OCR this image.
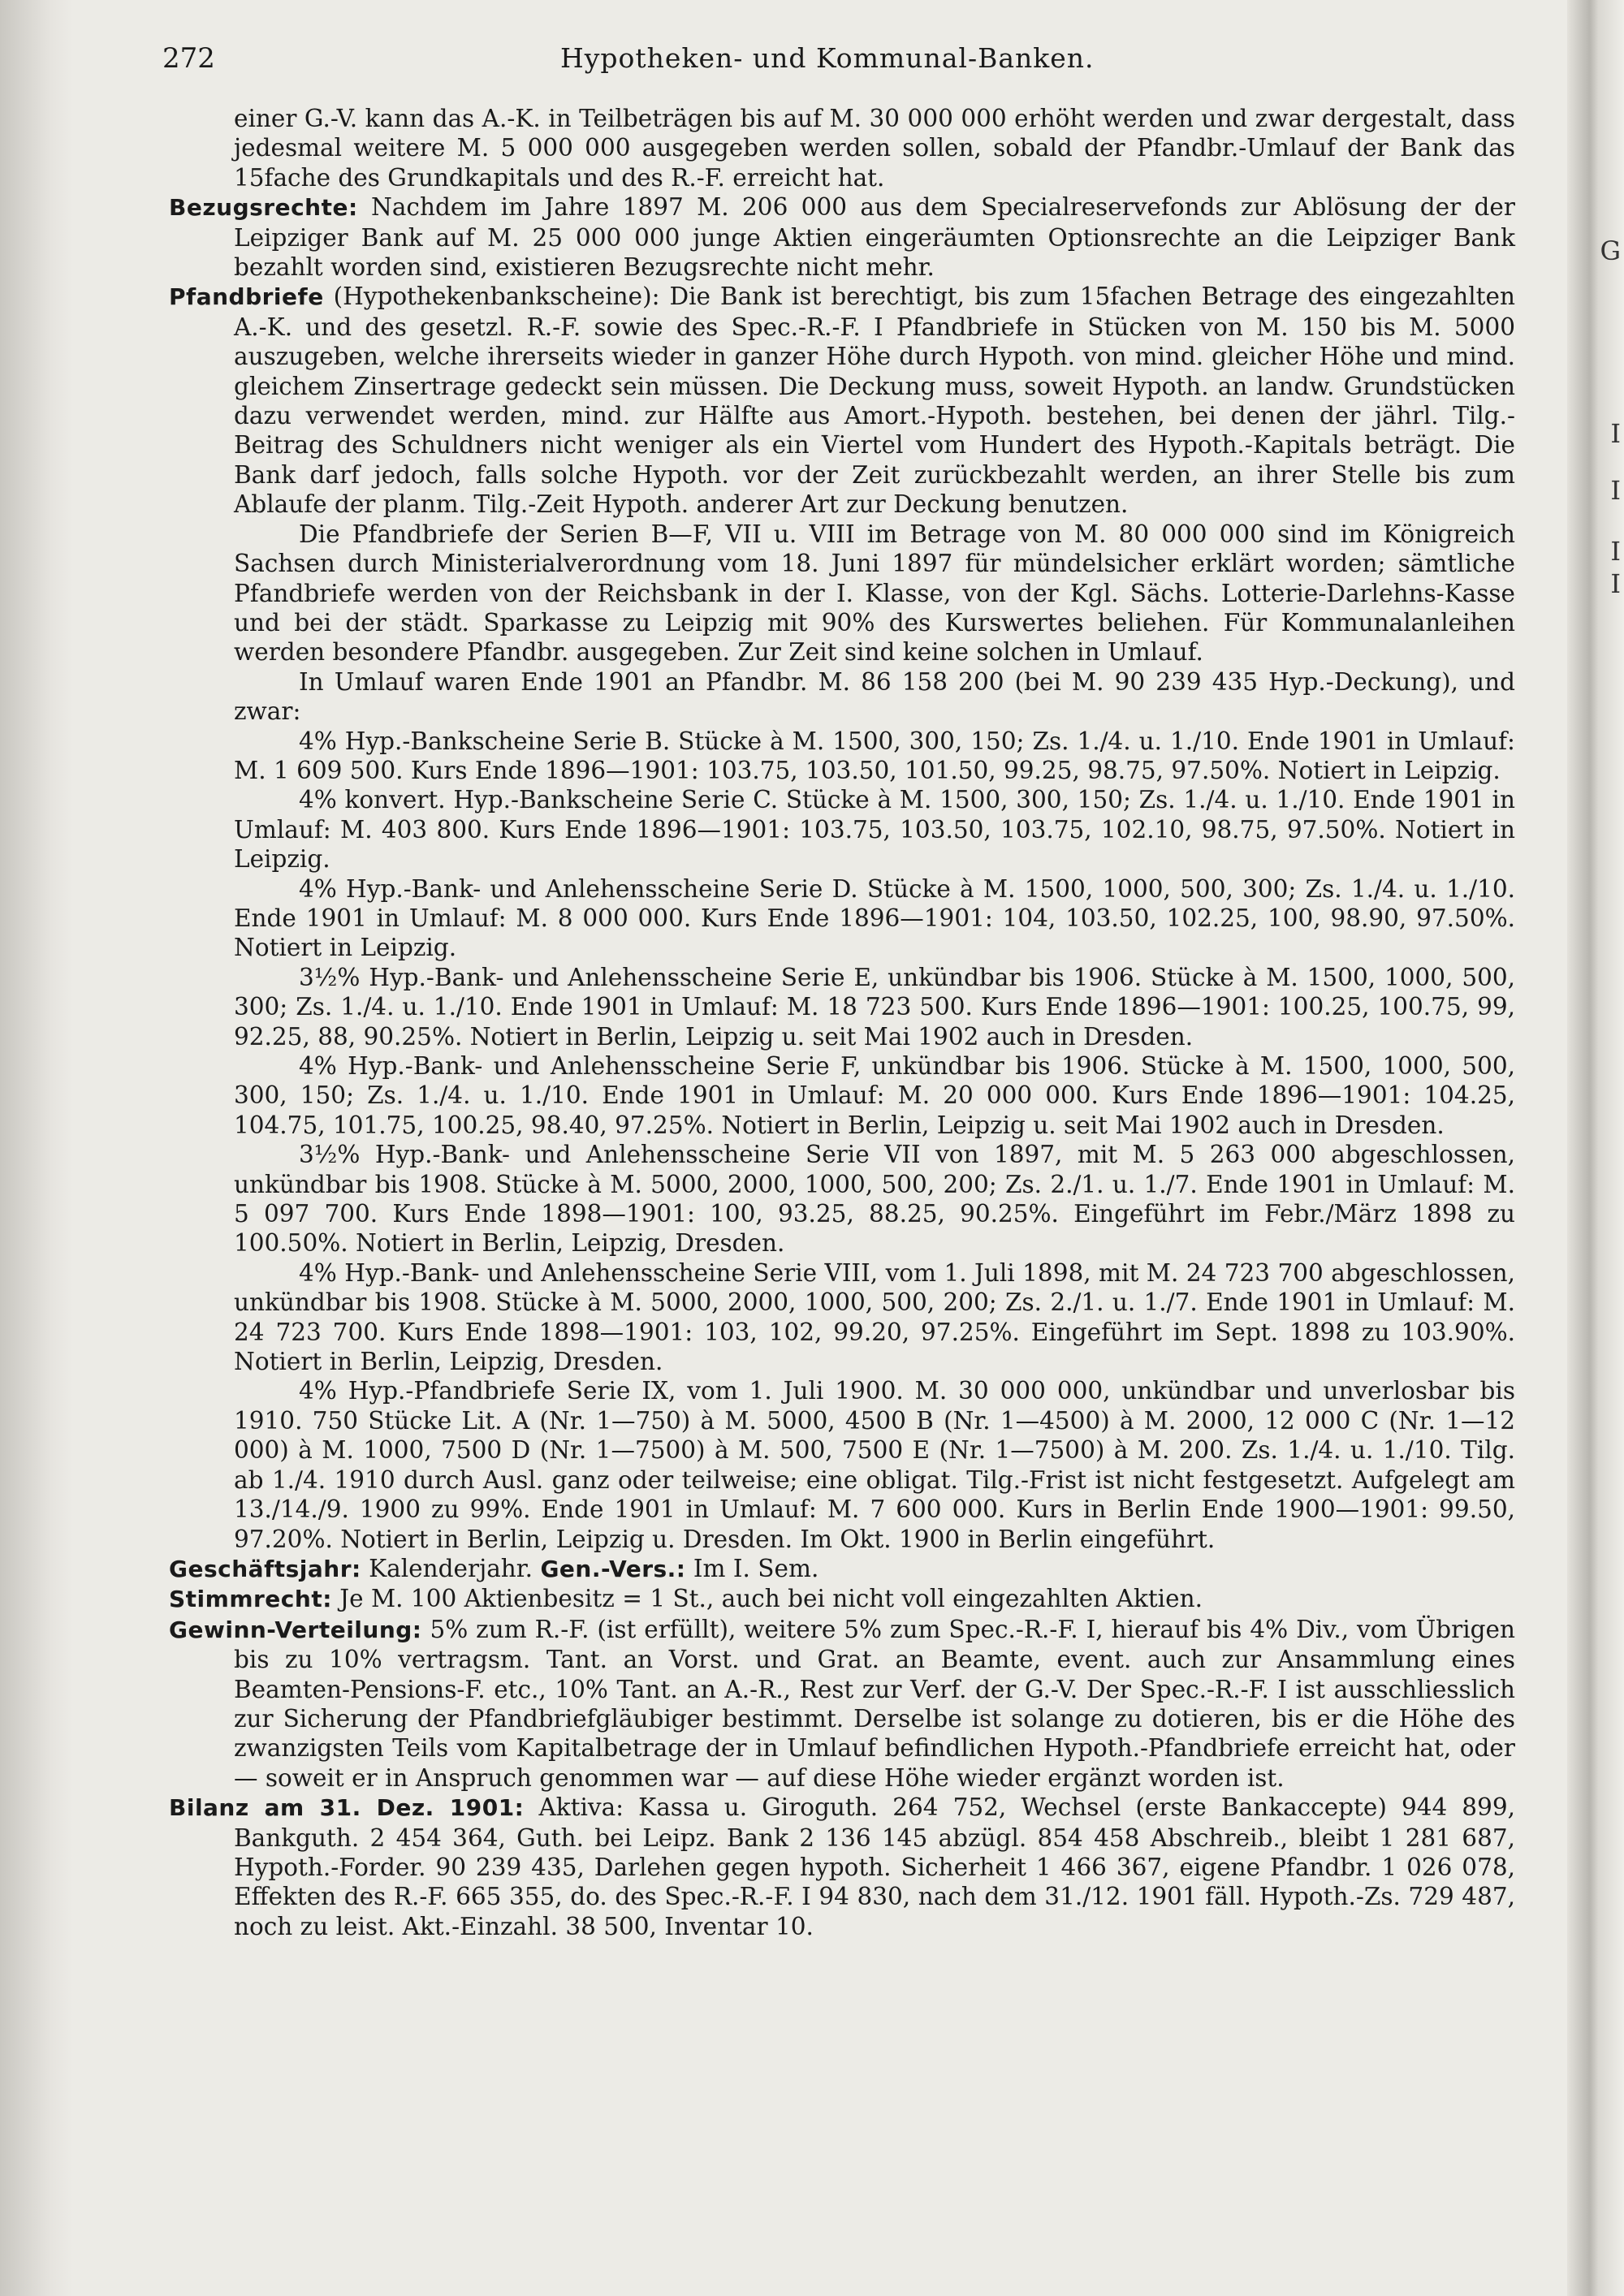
G
I
I
I
I
272	Hypotheken- und Kommunal-Banken.

einer G.-V. kann das A.-K. in Teilbeträgen bis auf M. 30 000 000 erhöht werden und zwar dergestalt, dass jedesmal weitere M. 5 000 000 ausgegeben werden sollen, sobald der Pfandbr.-Umlauf der Bank das 15fache des Grundkapitals und des R.-F. erreicht hat.

Bezugsrechte: Nachdem im Jahre 1897 M. 206 000 aus dem Specialreservefonds zur Ablösung der der Leipziger Bank auf M. 25 000 000 junge Aktien eingeräumten Optionsrechte an die Leipziger Bank bezahlt worden sind, existieren Bezugsrechte nicht mehr.

Pfandbriefe (Hypothekenbankscheine): Die Bank ist berechtigt, bis zum 15fachen Betrage des eingezahlten A.-K. und des gesetzl. R.-F. sowie des Spec.-R.-F. I Pfandbriefe in Stücken von M. 150 bis M. 5000 auszugeben, welche ihrerseits wieder in ganzer Höhe durch Hypoth. von mind. gleicher Höhe und mind. gleichem Zinsertrage gedeckt sein müssen. Die Deckung muss, soweit Hypoth. an landw. Grundstücken dazu verwendet werden, mind. zur Hälfte aus Amort.-Hypoth. bestehen, bei denen der jährl. Tilg.-Beitrag des Schuldners nicht weniger als ein Viertel vom Hundert des Hypoth.-Kapitals beträgt. Die Bank darf jedoch, falls solche Hypoth. vor der Zeit zurückbezahlt werden, an ihrer Stelle bis zum Ablaufe der planm. Tilg.-Zeit Hypoth. anderer Art zur Deckung benutzen.

Die Pfandbriefe der Serien B—F, VII u. VIII im Betrage von M. 80 000 000 sind im Königreich Sachsen durch Ministerialverordnung vom 18. Juni 1897 für mündelsicher erklärt worden; sämtliche Pfandbriefe werden von der Reichsbank in der I. Klasse, von der Kgl. Sächs. Lotterie-Darlehns-Kasse und bei der städt. Sparkasse zu Leipzig mit 90% des Kurswertes beliehen. Für Kommunalanleihen werden besondere Pfandbr. ausgegeben. Zur Zeit sind keine solchen in Umlauf.

In Umlauf waren Ende 1901 an Pfandbr. M. 86 158 200 (bei M. 90 239 435 Hyp.-Deckung), und zwar:

4% Hyp.-Bankscheine Serie B. Stücke à M. 1500, 300, 150; Zs. 1./4. u. 1./10. Ende 1901 in Umlauf: M. 1 609 500. Kurs Ende 1896—1901: 103.75, 103.50, 101.50, 99.25, 98.75, 97.50%. Notiert in Leipzig.

4% konvert. Hyp.-Bankscheine Serie C. Stücke à M. 1500, 300, 150; Zs. 1./4. u. 1./10. Ende 1901 in Umlauf: M. 403 800. Kurs Ende 1896—1901: 103.75, 103.50, 103.75, 102.10, 98.75, 97.50%. Notiert in Leipzig.

4% Hyp.-Bank- und Anlehensscheine Serie D. Stücke à M. 1500, 1000, 500, 300; Zs. 1./4. u. 1./10. Ende 1901 in Umlauf: M. 8 000 000. Kurs Ende 1896—1901: 104, 103.50, 102.25, 100, 98.90, 97.50%. Notiert in Leipzig.

3½% Hyp.-Bank- und Anlehensscheine Serie E, unkündbar bis 1906. Stücke à M. 1500, 1000, 500, 300; Zs. 1./4. u. 1./10. Ende 1901 in Umlauf: M. 18 723 500. Kurs Ende 1896—1901: 100.25, 100.75, 99, 92.25, 88, 90.25%. Notiert in Berlin, Leipzig u. seit Mai 1902 auch in Dresden.

4% Hyp.-Bank- und Anlehensscheine Serie F, unkündbar bis 1906. Stücke à M. 1500, 1000, 500, 300, 150; Zs. 1./4. u. 1./10. Ende 1901 in Umlauf: M. 20 000 000. Kurs Ende 1896—1901: 104.25, 104.75, 101.75, 100.25, 98.40, 97.25%. Notiert in Berlin, Leipzig u. seit Mai 1902 auch in Dresden.

3½% Hyp.-Bank- und Anlehensscheine Serie VII von 1897, mit M. 5 263 000 abgeschlossen, unkündbar bis 1908. Stücke à M. 5000, 2000, 1000, 500, 200; Zs. 2./1. u. 1./7. Ende 1901 in Umlauf: M. 5 097 700. Kurs Ende 1898—1901: 100, 93.25, 88.25, 90.25%. Eingeführt im Febr./März 1898 zu 100.50%. Notiert in Berlin, Leipzig, Dresden.

4% Hyp.-Bank- und Anlehensscheine Serie VIII, vom 1. Juli 1898, mit M. 24 723 700 abgeschlossen, unkündbar bis 1908. Stücke à M. 5000, 2000, 1000, 500, 200; Zs. 2./1. u. 1./7. Ende 1901 in Umlauf: M. 24 723 700. Kurs Ende 1898—1901: 103, 102, 99.20, 97.25%. Eingeführt im Sept. 1898 zu 103.90%. Notiert in Berlin, Leipzig, Dresden.

4% Hyp.-Pfandbriefe Serie IX, vom 1. Juli 1900. M. 30 000 000, unkündbar und unverlosbar bis 1910. 750 Stücke Lit. A (Nr. 1—750) à M. 5000, 4500 B (Nr. 1—4500) à M. 2000, 12 000 C (Nr. 1—12 000) à M. 1000, 7500 D (Nr. 1—7500) à M. 500, 7500 E (Nr. 1—7500) à M. 200. Zs. 1./4. u. 1./10. Tilg. ab 1./4. 1910 durch Ausl. ganz oder teilweise; eine obligat. Tilg.-Frist ist nicht festgesetzt. Aufgelegt am 13./14./9. 1900 zu 99%. Ende 1901 in Umlauf: M. 7 600 000. Kurs in Berlin Ende 1900—1901: 99.50, 97.20%. Notiert in Berlin, Leipzig u. Dresden. Im Okt. 1900 in Berlin eingeführt.

Geschäftsjahr: Kalenderjahr. Gen.-Vers.: Im I. Sem.

Stimmrecht: Je M. 100 Aktienbesitz = 1 St., auch bei nicht voll eingezahlten Aktien.

Gewinn-Verteilung: 5% zum R.-F. (ist erfüllt), weitere 5% zum Spec.-R.-F. I, hierauf bis 4% Div., vom Übrigen bis zu 10% vertragsm. Tant. an Vorst. und Grat. an Beamte, event. auch zur Ansammlung eines Beamten-Pensions-F. etc., 10% Tant. an A.-R., Rest zur Verf. der G.-V. Der Spec.-R.-F. I ist ausschliesslich zur Sicherung der Pfandbriefgläubiger bestimmt. Derselbe ist solange zu dotieren, bis er die Höhe des zwanzigsten Teils vom Kapitalbetrage der in Umlauf befindlichen Hypoth.-Pfandbriefe erreicht hat, oder — soweit er in Anspruch genommen war — auf diese Höhe wieder ergänzt worden ist.

Bilanz am 31. Dez. 1901: Aktiva: Kassa u. Giroguth. 264 752, Wechsel (erste Bankaccepte) 944 899, Bankguth. 2 454 364, Guth. bei Leipz. Bank 2 136 145 abzügl. 854 458 Abschreib., bleibt 1 281 687, Hypoth.-Forder. 90 239 435, Darlehen gegen hypoth. Sicherheit 1 466 367, eigene Pfandbr. 1 026 078, Effekten des R.-F. 665 355, do. des Spec.-R.-F. I 94 830, nach dem 31./12. 1901 fäll. Hypoth.-Zs. 729 487, noch zu leist. Akt.-Einzahl. 38 500, Inventar 10.
